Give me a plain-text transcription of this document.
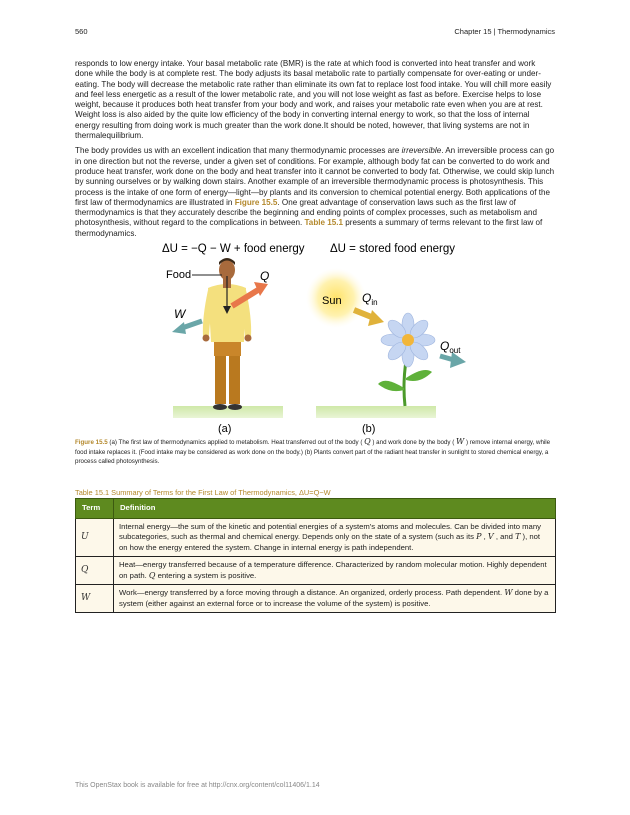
560	Chapter 15 | Thermodynamics

responds to low energy intake. Your basal metabolic rate (BMR) is the rate at which food is converted into heat transfer and work done while the body is at complete rest. The body adjusts its basal metabolic rate to partially compensate for over-eating or under-eating. The body will decrease the metabolic rate rather than eliminate its own fat to replace lost food intake. You will chill more easily and feel less energetic as a result of the lower metabolic rate, and you will not lose weight as fast as before. Exercise helps to lose weight, because it produces both heat transfer from your body and work, and raises your metabolic rate even when you are at rest. Weight loss is also aided by the quite low efficiency of the body in converting internal energy to work, so that the loss of internal energy resulting from doing work is much greater than the work done.It should be noted, however, that living systems are not in thermalequilibrium.

The body provides us with an excellent indication that many thermodynamic processes are irreversible. An irreversible process can go in one direction but not the reverse, under a given set of conditions. For example, although body fat can be converted to do work and produce heat transfer, work done on the body and heat transfer into it cannot be converted to body fat. Otherwise, we could skip lunch by sunning ourselves or by walking down stairs. Another example of an irreversible thermodynamic process is photosynthesis. This process is the intake of one form of energy—light—by plants and its conversion to chemical potential energy. Both applications of the first law of thermodynamics are illustrated in Figure 15.5. One great advantage of conservation laws such as the first law of thermodynamics is that they accurately describe the beginning and ending points of complex processes, such as metabolism and photosynthesis, without regard to the complications in between. Table 15.1 presents a summary of terms relevant to the first law of thermodynamics.

ΔU = −Q − W + food energy ΔU = stored food energy
Food	Q
W
Sun $Q_{in}$
$Q_{out}$
(a)	(b)
Figure 15.5 (a) The first law of thermodynamics applied to metabolism. Heat transferred out of the body ( Q ) and work done by the body ( W ) remove internal energy, while food intake replaces it. (Food intake may be considered as work done on the body.) (b) Plants convert part of the radiant heat transfer in sunlight to stored chemical energy, a process called photosynthesis.
Table 15.1 Summary of Terms for the First Law of Thermodynamics, ΔU=Q−W
Term	Definition
U	Internal energy—the sum of the kinetic and potential energies of a system's atoms and molecules. Can be divided into many subcategories, such as thermal and chemical energy. Depends only on the state of a system (such as its P , V , and T ), not on how the energy entered the system. Change in internal energy is path independent.
Q	Heat—energy transferred because of a temperature difference. Characterized by random molecular motion. Highly dependent on path. Q entering a system is positive.
W	Work—energy transferred by a force moving through a distance. An organized, orderly process. Path dependent. W done by a system (either against an external force or to increase the volume of the system) is positive.
This OpenStax book is available for free at http://cnx.org/content/col11406/1.14
